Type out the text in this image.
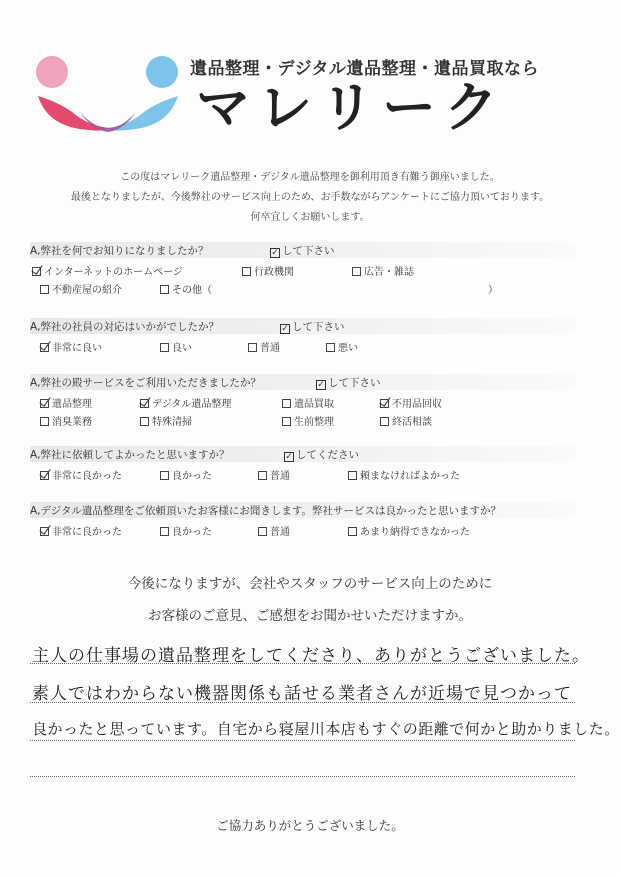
遺品整理・デジタル遺品整理・遺品買取なら
マレリーク
この度はマレリーク遺品整理・デジタル遺品整理を御利用頂き有難う御座いました。
最後となりましたが、今後弊社のサービス向上のため、お手数ながらアンケートにご協力頂いております。
何卒宜しくお願いします。
A,弊社を何でお知りになりましたか？	✓ して下さい
インターネットのホームページ	行政機関	広告・雑誌
不動産屋の紹介	その他（	）
A,弊社の社員の対応はいかがでしたか？	✓ して下さい
非常に良い	良い	普通	悪い
A,弊社の殿サービスをご利用いただきましたか？	✓ して下さい
遺品整理	デジタル遺品整理	遺品買取	不用品回収
消臭業務	特殊清掃	生前整理	終活相談
A,弊社に依頼してよかったと思いますか？	✓ してください
非常に良かった	良かった	普通	頼まなければよかった
A,デジタル遺品整理をご依頼頂いたお客様にお聞きします。弊社サービスは良かったと思いますか？
非常に良かった	良かった	普通	あまり納得できなかった
今後になりますが、会社やスタッフのサービス向上のために
お客様のご意見、ご感想をお聞かせいただけますか。
主人の仕事場の遺品整理をしてくださり、ありがとうございました。
素人ではわからない機器関係も話せる業者さんが近場で見つかって
良かったと思っています。自宅から寝屋川本店もすぐの距離で何かと助かりました。
ご協力ありがとうございました。
